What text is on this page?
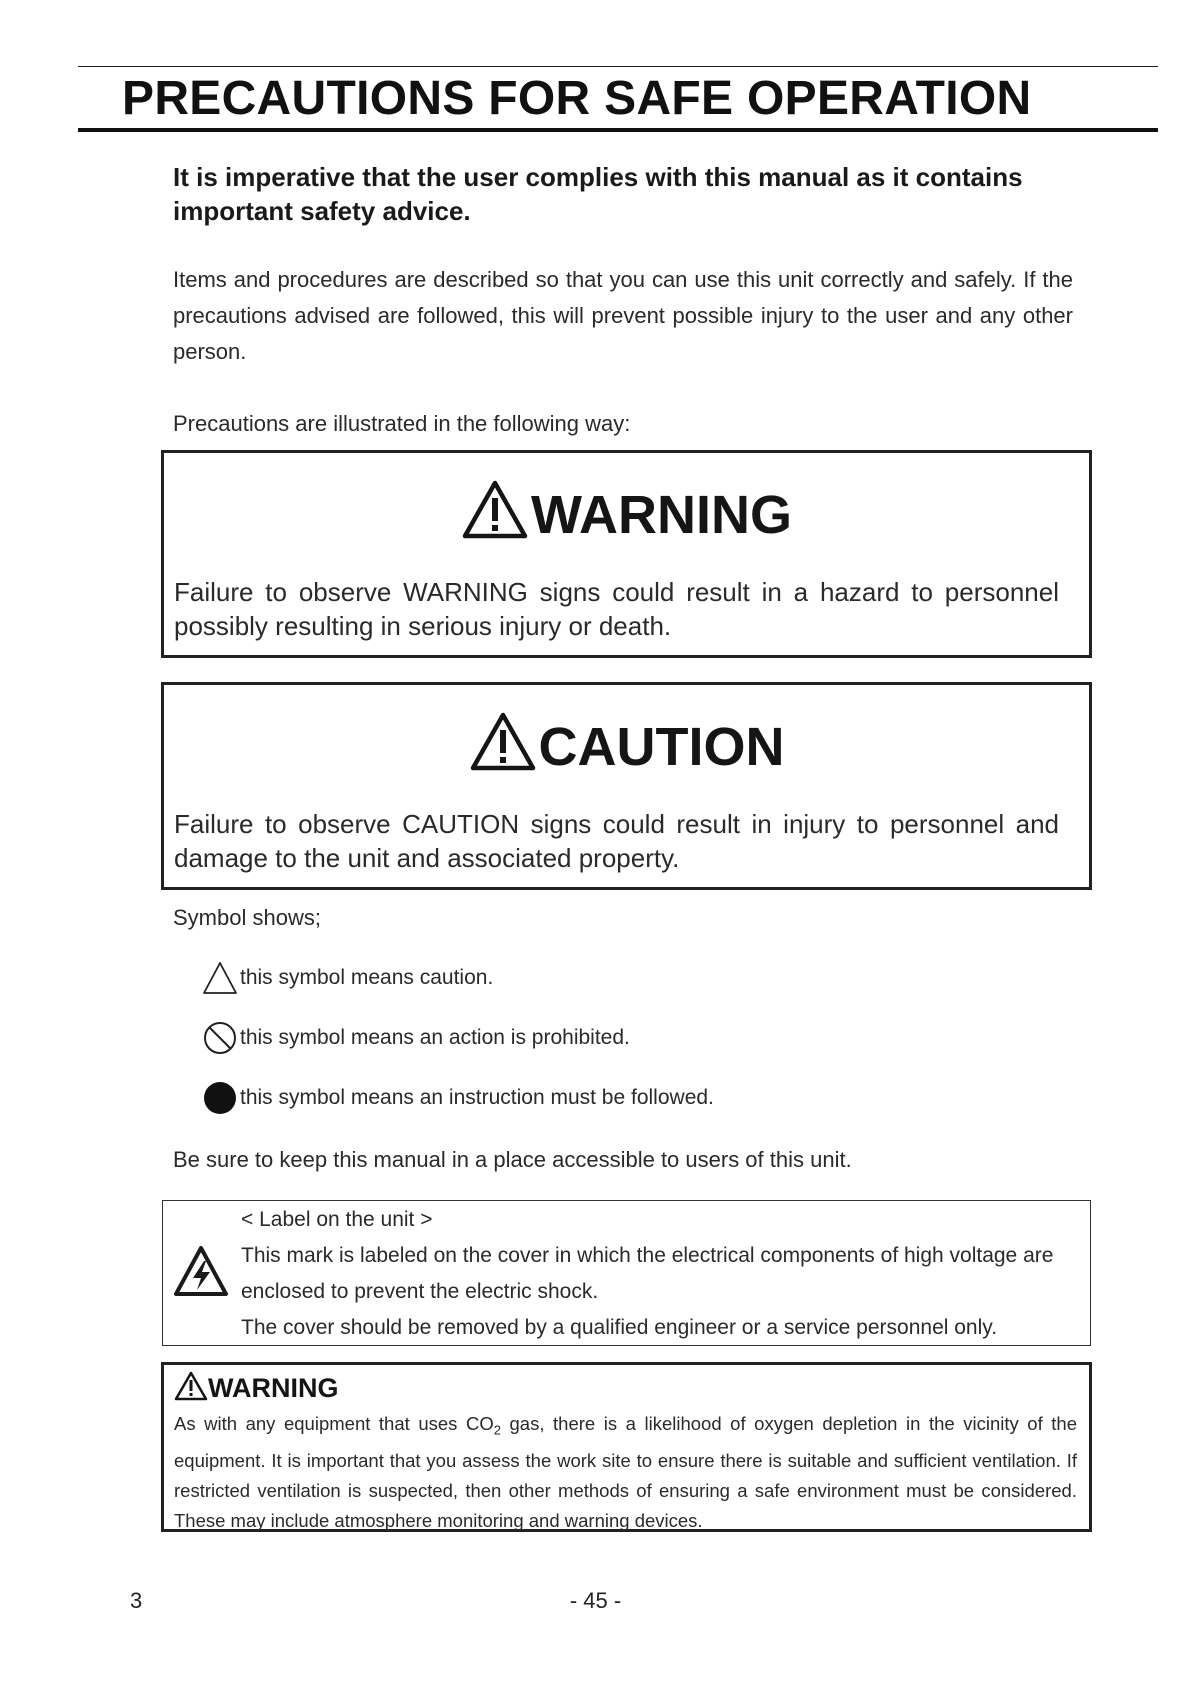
PRECAUTIONS FOR SAFE OPERATION

It is imperative that the user complies with this manual as it contains important safety advice.

Items and procedures are described so that you can use this unit correctly and safely. If the precautions advised are followed, this will prevent possible injury to the user and any other person.

Precautions are illustrated in the following way:

WARNING

Failure to observe WARNING signs could result in a hazard to personnel possibly resulting in serious injury or death.

CAUTION

Failure to observe CAUTION signs could result in injury to personnel and damage to the unit and associated property.

Symbol shows;

this symbol means caution.
this symbol means an action is prohibited.
this symbol means an instruction must be followed.

Be sure to keep this manual in a place accessible to users of this unit.

< Label on the unit >

This mark is labeled on the cover in which the electrical components of high voltage are

enclosed to prevent the electric shock.

The cover should be removed by a qualified engineer or a service personnel only.

WARNING

As with any equipment that uses $CO_2$ gas, there is a likelihood of oxygen depletion in the vicinity of the equipment. It is important that you assess the work site to ensure there is suitable and sufficient ventilation. If restricted ventilation is suspected, then other methods of ensuring a safe environment must be considered. These may include atmosphere monitoring and warning devices.

3	- 45 -
